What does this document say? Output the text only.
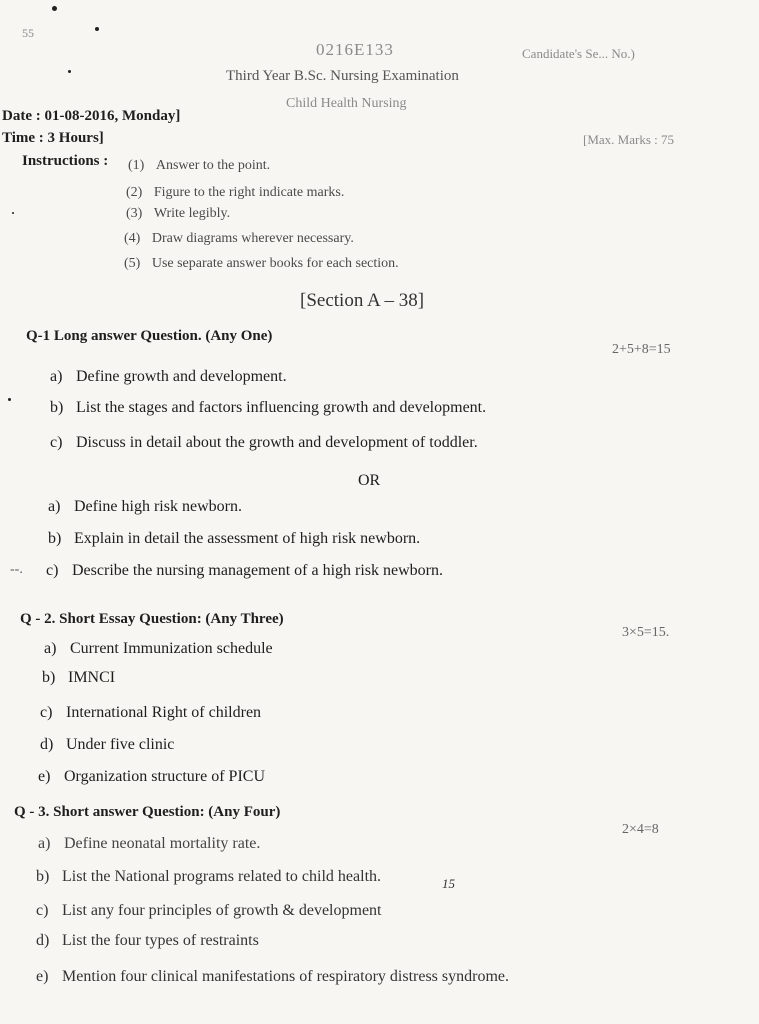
55
0216E133	Candidate's Se... No.)
Third Year B.Sc. Nursing Examination
Child Health Nursing
Date : 01-08-2016, Monday]
Time : 3 Hours]	[Max. Marks : 75
Instructions : (1) Answer to the point.
(2) Figure to the right indicate marks.
(3) Write legibly.
(4) Draw diagrams wherever necessary.
(5) Use separate answer books for each section.
[Section A – 38]
Q-1 Long answer Question. (Any One)
2+5+8=15
a) Define growth and development.
b) List the stages and factors influencing growth and development.
c) Discuss in detail about the growth and development of toddler.
OR
a) Define high risk newborn.
b) Explain in detail the assessment of high risk newborn.
--. c) Describe the nursing management of a high risk newborn.
Q - 2. Short Essay Question: (Any Three)
3×5=15.
a) Current Immunization schedule
b) IMNCI
c) International Right of children
d) Under five clinic
e) Organization structure of PICU
Q - 3. Short answer Question: (Any Four)
2×4=8
a) Define neonatal mortality rate.
b) List the National programs related to child health.	15
c) List any four principles of growth & development
d) List the four types of restraints
e) Mention four clinical manifestations of respiratory distress syndrome.
